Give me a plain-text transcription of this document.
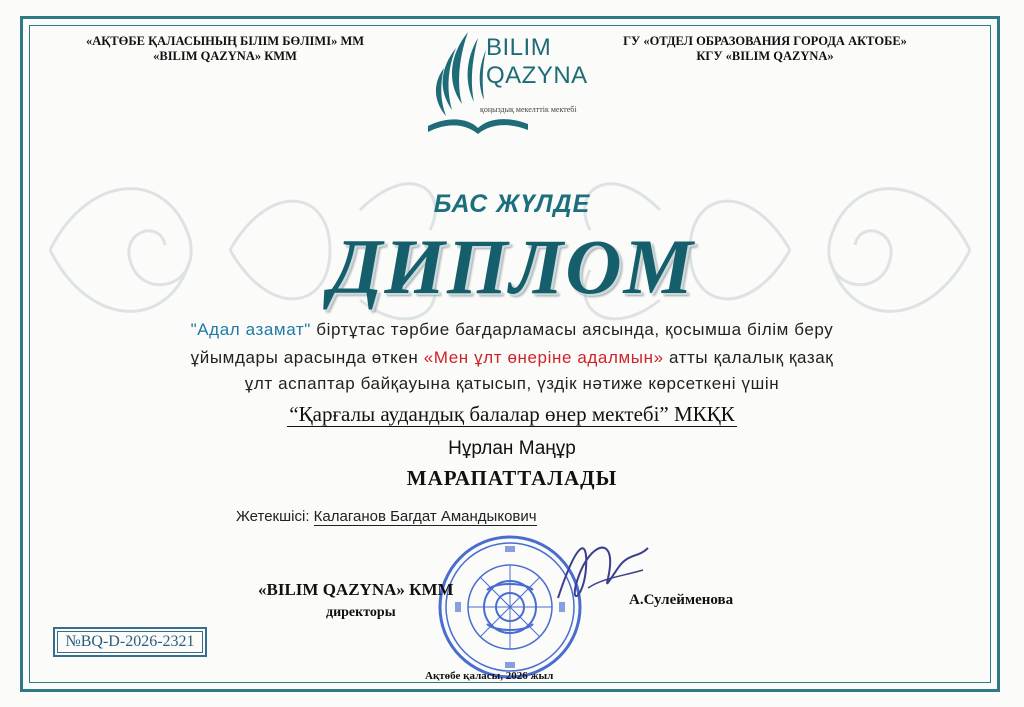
«АҚТӨБЕ ҚАЛАСЫНЫҢ БІЛІМ БӨЛІМІ» ММ
«BILIM QAZYNA» КММ
ГУ «ОТДЕЛ ОБРАЗОВАНИЯ ГОРОДА АКТОБЕ»
КГУ «BILIM QAZYNA»
BILIM
QAZYNA
қоңыздық мекелттік мектебі
БАС ЖҮЛДЕ
ДИПЛОМ
"Адал азамат" біртұтас тәрбие бағдарламасы аясында, қосымша білім беру
ұйымдары арасында өткен «Мен ұлт өнеріне адалмын» атты қалалық қазақ
ұлт аспаптар байқауына қатысып, үздік нәтиже көрсеткені үшін
“Қарғалы аудандық балалар өнер мектебі” МКҚК
Нұрлан Маңұр
МАРАПАТТАЛАДЫ
Жетекшісі: Калаганов Багдат Амандыкович
«BILIM QAZYNA» КММ
директоры
А.Сулейменова
№BQ-D-2026-2321
Ақтөбе қаласы, 2026 жыл
